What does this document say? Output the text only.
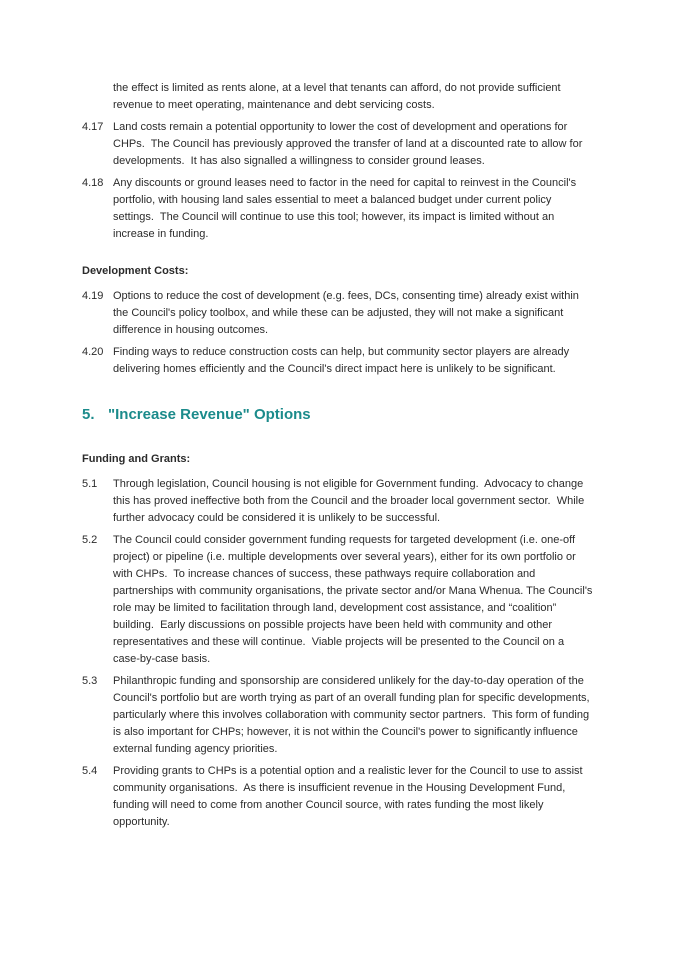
the effect is limited as rents alone, at a level that tenants can afford, do not provide sufficient revenue to meet operating, maintenance and debt servicing costs.

4.17 Land costs remain a potential opportunity to lower the cost of development and operations for CHPs.  The Council has previously approved the transfer of land at a discounted rate to allow for developments.  It has also signalled a willingness to consider ground leases.

4.18 Any discounts or ground leases need to factor in the need for capital to reinvest in the Council's portfolio, with housing land sales essential to meet a balanced budget under current policy settings.  The Council will continue to use this tool; however, its impact is limited without an increase in funding.

Development Costs:

4.19 Options to reduce the cost of development (e.g. fees, DCs, consenting time) already exist within the Council's policy toolbox, and while these can be adjusted, they will not make a significant difference in housing outcomes.

4.20 Finding ways to reduce construction costs can help, but community sector players are already delivering homes efficiently and the Council's direct impact here is unlikely to be significant.

5. "Increase Revenue" Options

Funding and Grants:

5.1	Through legislation, Council housing is not eligible for Government funding.  Advocacy to change this has proved ineffective both from the Council and the broader local government sector.  While further advocacy could be considered it is unlikely to be successful.

5.2	The Council could consider government funding requests for targeted development (i.e. one-off project) or pipeline (i.e. multiple developments over several years), either for its own portfolio or with CHPs.  To increase chances of success, these pathways require collaboration and partnerships with community organisations, the private sector and/or Mana Whenua. The Council's role may be limited to facilitation through land, development cost assistance, and “coalition” building.  Early discussions on possible projects have been held with community and other representatives and these will continue.  Viable projects will be presented to the Council on a case-by-case basis.

5.3	Philanthropic funding and sponsorship are considered unlikely for the day-to-day operation of the Council's portfolio but are worth trying as part of an overall funding plan for specific developments, particularly where this involves collaboration with community sector partners.  This form of funding is also important for CHPs; however, it is not within the Council's power to significantly influence external funding agency priorities.

5.4	Providing grants to CHPs is a potential option and a realistic lever for the Council to use to assist community organisations.  As there is insufficient revenue in the Housing Development Fund, funding will need to come from another Council source, with rates funding the most likely opportunity.
